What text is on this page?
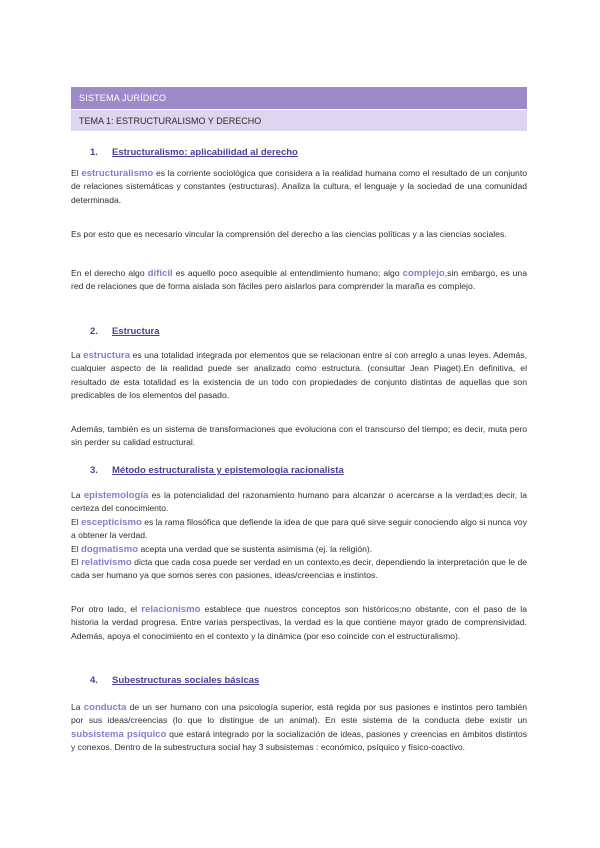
SISTEMA JURÍDICO
TEMA 1: ESTRUCTURALISMO Y DERECHO
1. Estructuralismo: aplicabilidad al derecho

El estructuralismo es la corriente sociológica que considera a la realidad humana como el resultado de un conjunto de relaciones sistemáticas y constantes (estructuras). Analiza la cultura, el lenguaje y la sociedad de una comunidad determinada.

Es por esto que es necesario vincular la comprensión del derecho a las ciencias políticas y a las ciencias sociales.

En el derecho algo difícil es aquello poco asequible al entendimiento humano; algo complejo,sin embargo, es una red de relaciones que de forma aislada son fáciles pero aislarlos para comprender la maraña es complejo.

2. Estructura

La estructura es una totalidad integrada por elementos que se relacionan entre sí con arreglo a unas leyes. Además, cualquier aspecto de la realidad puede ser analizado como estructura. (consultar Jean Piaget).En definitiva, el resultado de esta totalidad es la existencia de un todo con propiedades de conjunto distintas de aquellas que son predicables de los elementos del pasado.

Además, también es un sistema de transformaciones que evoluciona con el transcurso del tiempo; es decir, muta pero sin perder su calidad estructural.

3. Método estructuralista y epistemología racionalista
La epistemología es la potencialidad del razonamiento humano para alcanzar o acercarse a la verdad;es decir, la certeza del conocimiento.
El escepticismo es la rama filosófica que defiende la idea de que para qué sirve seguir conociendo algo si nunca voy a obtener la verdad.
El dogmatismo acepta una verdad que se sustenta asimisma (ej. la religión).
El relativismo dicta que cada cosa puede ser verdad en un contexto,es decir, dependiendo la interpretación que le de cada ser humano ya que somos seres con pasiones, ideas/creencias e instintos.

Por otro lado, el relacionismo establece que nuestros conceptos son históricos;no obstante, con el paso de la historia la verdad progresa. Entre varias perspectivas, la verdad es la que contiene mayor grado de comprensividad. Además, apoya el conocimiento en el contexto y la dinámica (por eso coincide con el estructuralismo).

4. Subestructuras sociales básicas

La conducta de un ser humano con una psicología superior, está regida por sus pasiones e instintos pero también por sus ideas/creencias (lo que lo distingue de un animal). En este sistema de la conducta debe existir un subsistema psíquico que estará integrado por la socialización de ideas, pasiones y creencias en ámbitos distintos y conexos. Dentro de la subestructura social hay 3 subsistemas : económico, psíquico y físico-coactivo.
